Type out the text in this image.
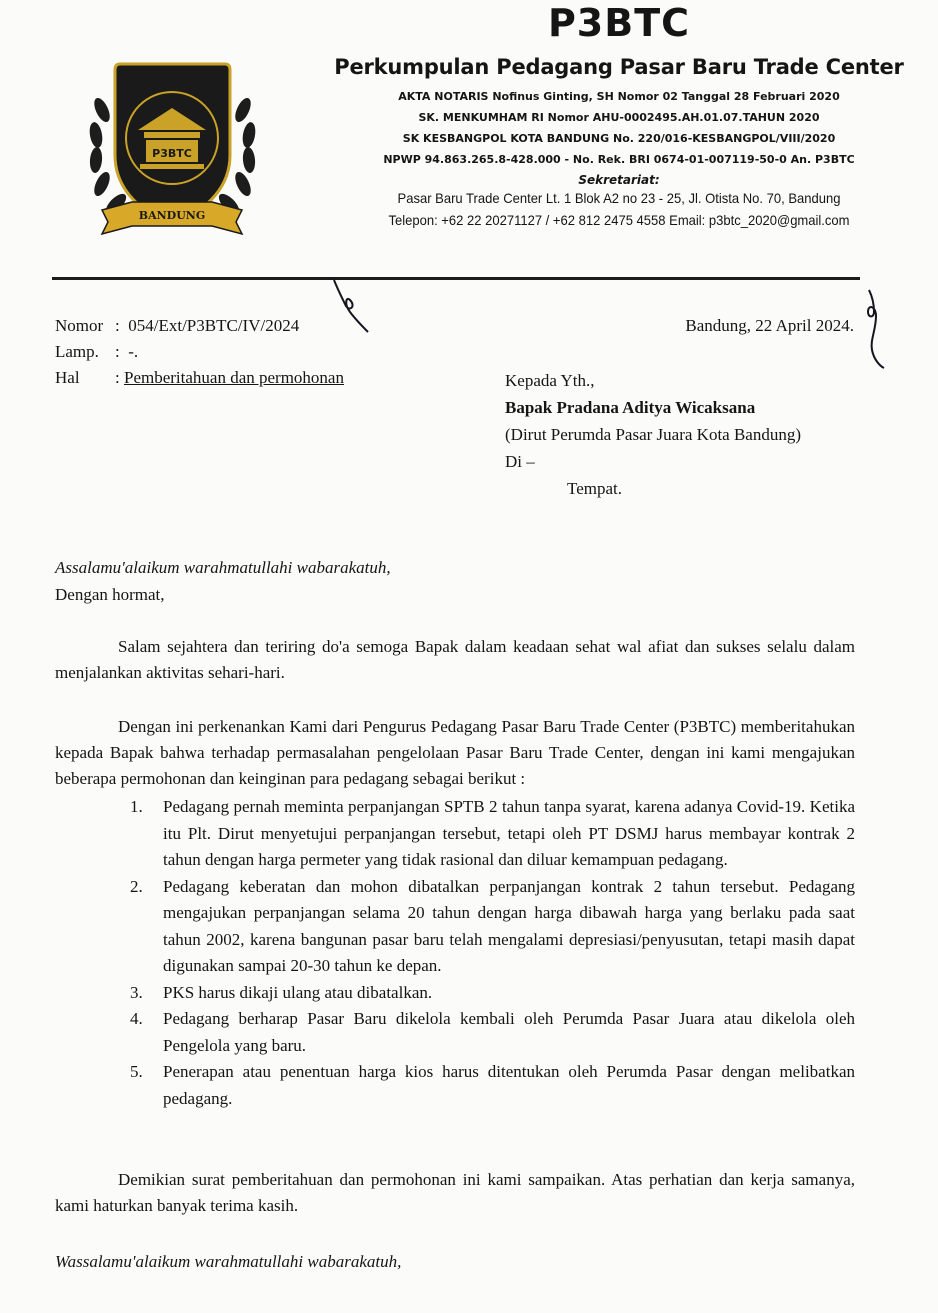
P3BTC
BANDUNG
P3BTC
Perkumpulan Pedagang Pasar Baru Trade Center
AKTA NOTARIS Nofinus Ginting, SH Nomor 02 Tanggal 28 Februari 2020
SK. MENKUMHAM RI Nomor AHU-0002495.AH.01.07.TAHUN 2020
SK KESBANGPOL KOTA BANDUNG No. 220/016-KESBANGPOL/VIII/2020
NPWP 94.863.265.8-428.000 - No. Rek. BRI 0674-01-007119-50-0 An. P3BTC
Sekretariat:
Pasar Baru Trade Center Lt. 1 Blok A2 no 23 - 25, Jl. Otista No. 70, Bandung
Telepon: +62 22 20271127 / +62 812 2475 4558 Email: p3btc_2020@gmail.com
Nomor :
054/Ext/P3BTC/IV/2024
Lamp. :
-.
Hal	:
Pemberitahuan dan permohonan
Bandung, 22 April 2024.
Kepada Yth.,
Bapak Pradana Aditya Wicaksana
(Dirut Perumda Pasar Juara Kota Bandung)
Di –
Tempat.
Assalamu'alaikum warahmatullahi wabarakatuh,
Dengan hormat,
Salam sejahtera dan teriring do'a semoga Bapak dalam keadaan sehat wal afiat dan sukses selalu dalam menjalankan aktivitas sehari-hari.
Dengan ini perkenankan Kami dari Pengurus Pedagang Pasar Baru Trade Center (P3BTC) memberitahukan kepada Bapak bahwa terhadap permasalahan pengelolaan Pasar Baru Trade Center, dengan ini kami mengajukan beberapa permohonan dan keinginan para pedagang sebagai berikut :
1.	Pedagang pernah meminta perpanjangan SPTB 2 tahun tanpa syarat, karena adanya Covid-19. Ketika itu Plt. Dirut menyetujui perpanjangan tersebut, tetapi oleh PT DSMJ harus membayar kontrak 2 tahun dengan harga permeter yang tidak rasional dan diluar kemampuan pedagang.
2.	Pedagang keberatan dan mohon dibatalkan perpanjangan kontrak 2 tahun tersebut. Pedagang mengajukan perpanjangan selama 20 tahun dengan harga dibawah harga yang berlaku pada saat tahun 2002, karena bangunan pasar baru telah mengalami depresiasi/penyusutan, tetapi masih dapat digunakan sampai 20-30 tahun ke depan.
3.	PKS harus dikaji ulang atau dibatalkan.
4.	Pedagang berharap Pasar Baru dikelola kembali oleh Perumda Pasar Juara atau dikelola oleh Pengelola yang baru.
5.	Penerapan atau penentuan harga kios harus ditentukan oleh Perumda Pasar dengan melibatkan pedagang.
Demikian surat pemberitahuan dan permohonan ini kami sampaikan. Atas perhatian dan kerja samanya, kami haturkan banyak terima kasih.
Wassalamu'alaikum warahmatullahi wabarakatuh,
